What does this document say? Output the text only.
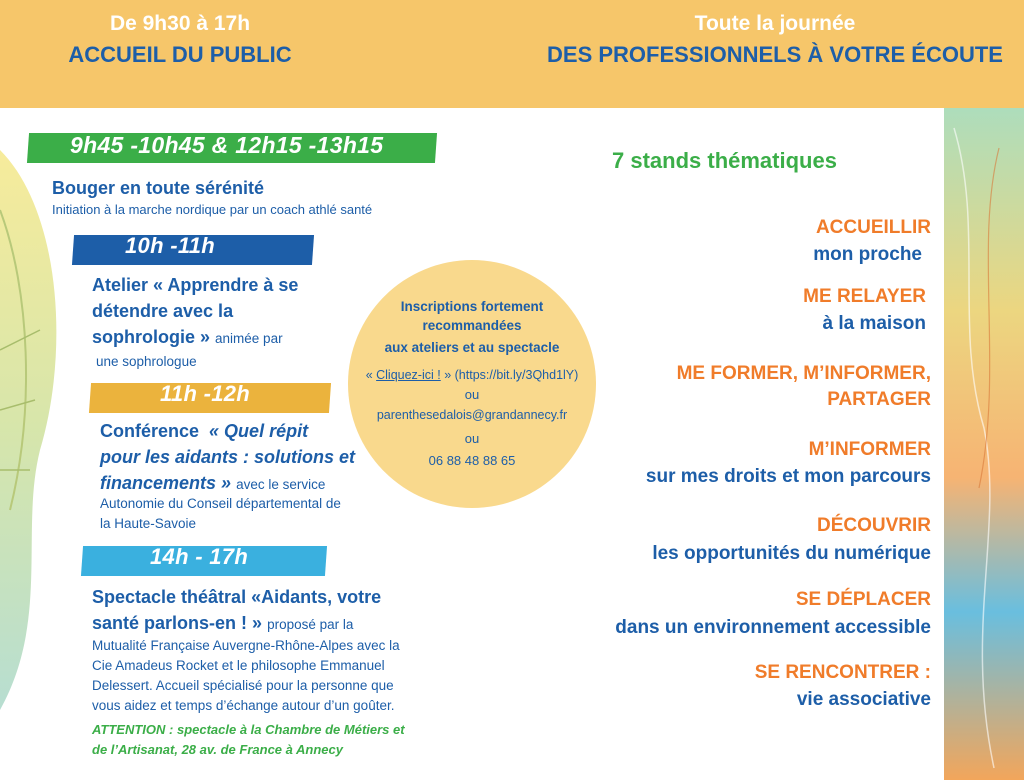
De 9h30 à 17h
ACCUEIL DU PUBLIC
Toute la journée
DES PROFESSIONNELS À VOTRE ÉCOUTE
9h45 -10h45 & 12h15 -13h15
Bouger en toute sérénité
Initiation à la marche nordique par un coach athlé santé
10h -11h
Atelier « Apprendre à se
détendre avec la
sophrologie » animée par
une sophrologue
11h -12h
Conférence « Quel répit
pour les aidants : solutions et
financements » avec le service
Autonomie du Conseil départemental de
la Haute-Savoie
14h - 17h
Spectacle théâtral «Aidants, votre
santé parlons-en ! » proposé par la
Mutualité Française Auvergne-Rhône-Alpes avec la
Cie Amadeus Rocket et le philosophe Emmanuel
Delessert. Accueil spécialisé pour la personne que
vous aidez et temps d’échange autour d’un goûter.
ATTENTION : spectacle à la Chambre de Métiers et
de l’Artisanat, 28 av. de France à Annecy
Inscriptions fortement
recommandées
aux ateliers et au spectacle
« Cliquez-ici ! » (https://bit.ly/3Qhd1lY)
ou
parenthesedalois@grandannecy.fr
ou
06 88 48 88 65
7 stands thématiques
ACCUEILLIR
mon proche
ME RELAYER
à la maison
ME FORMER, M’INFORMER,
PARTAGER
M’INFORMER
sur mes droits et mon parcours
DÉCOUVRIR
les opportunités du numérique
SE DÉPLACER
dans un environnement accessible
SE RENCONTRER :
vie associative
